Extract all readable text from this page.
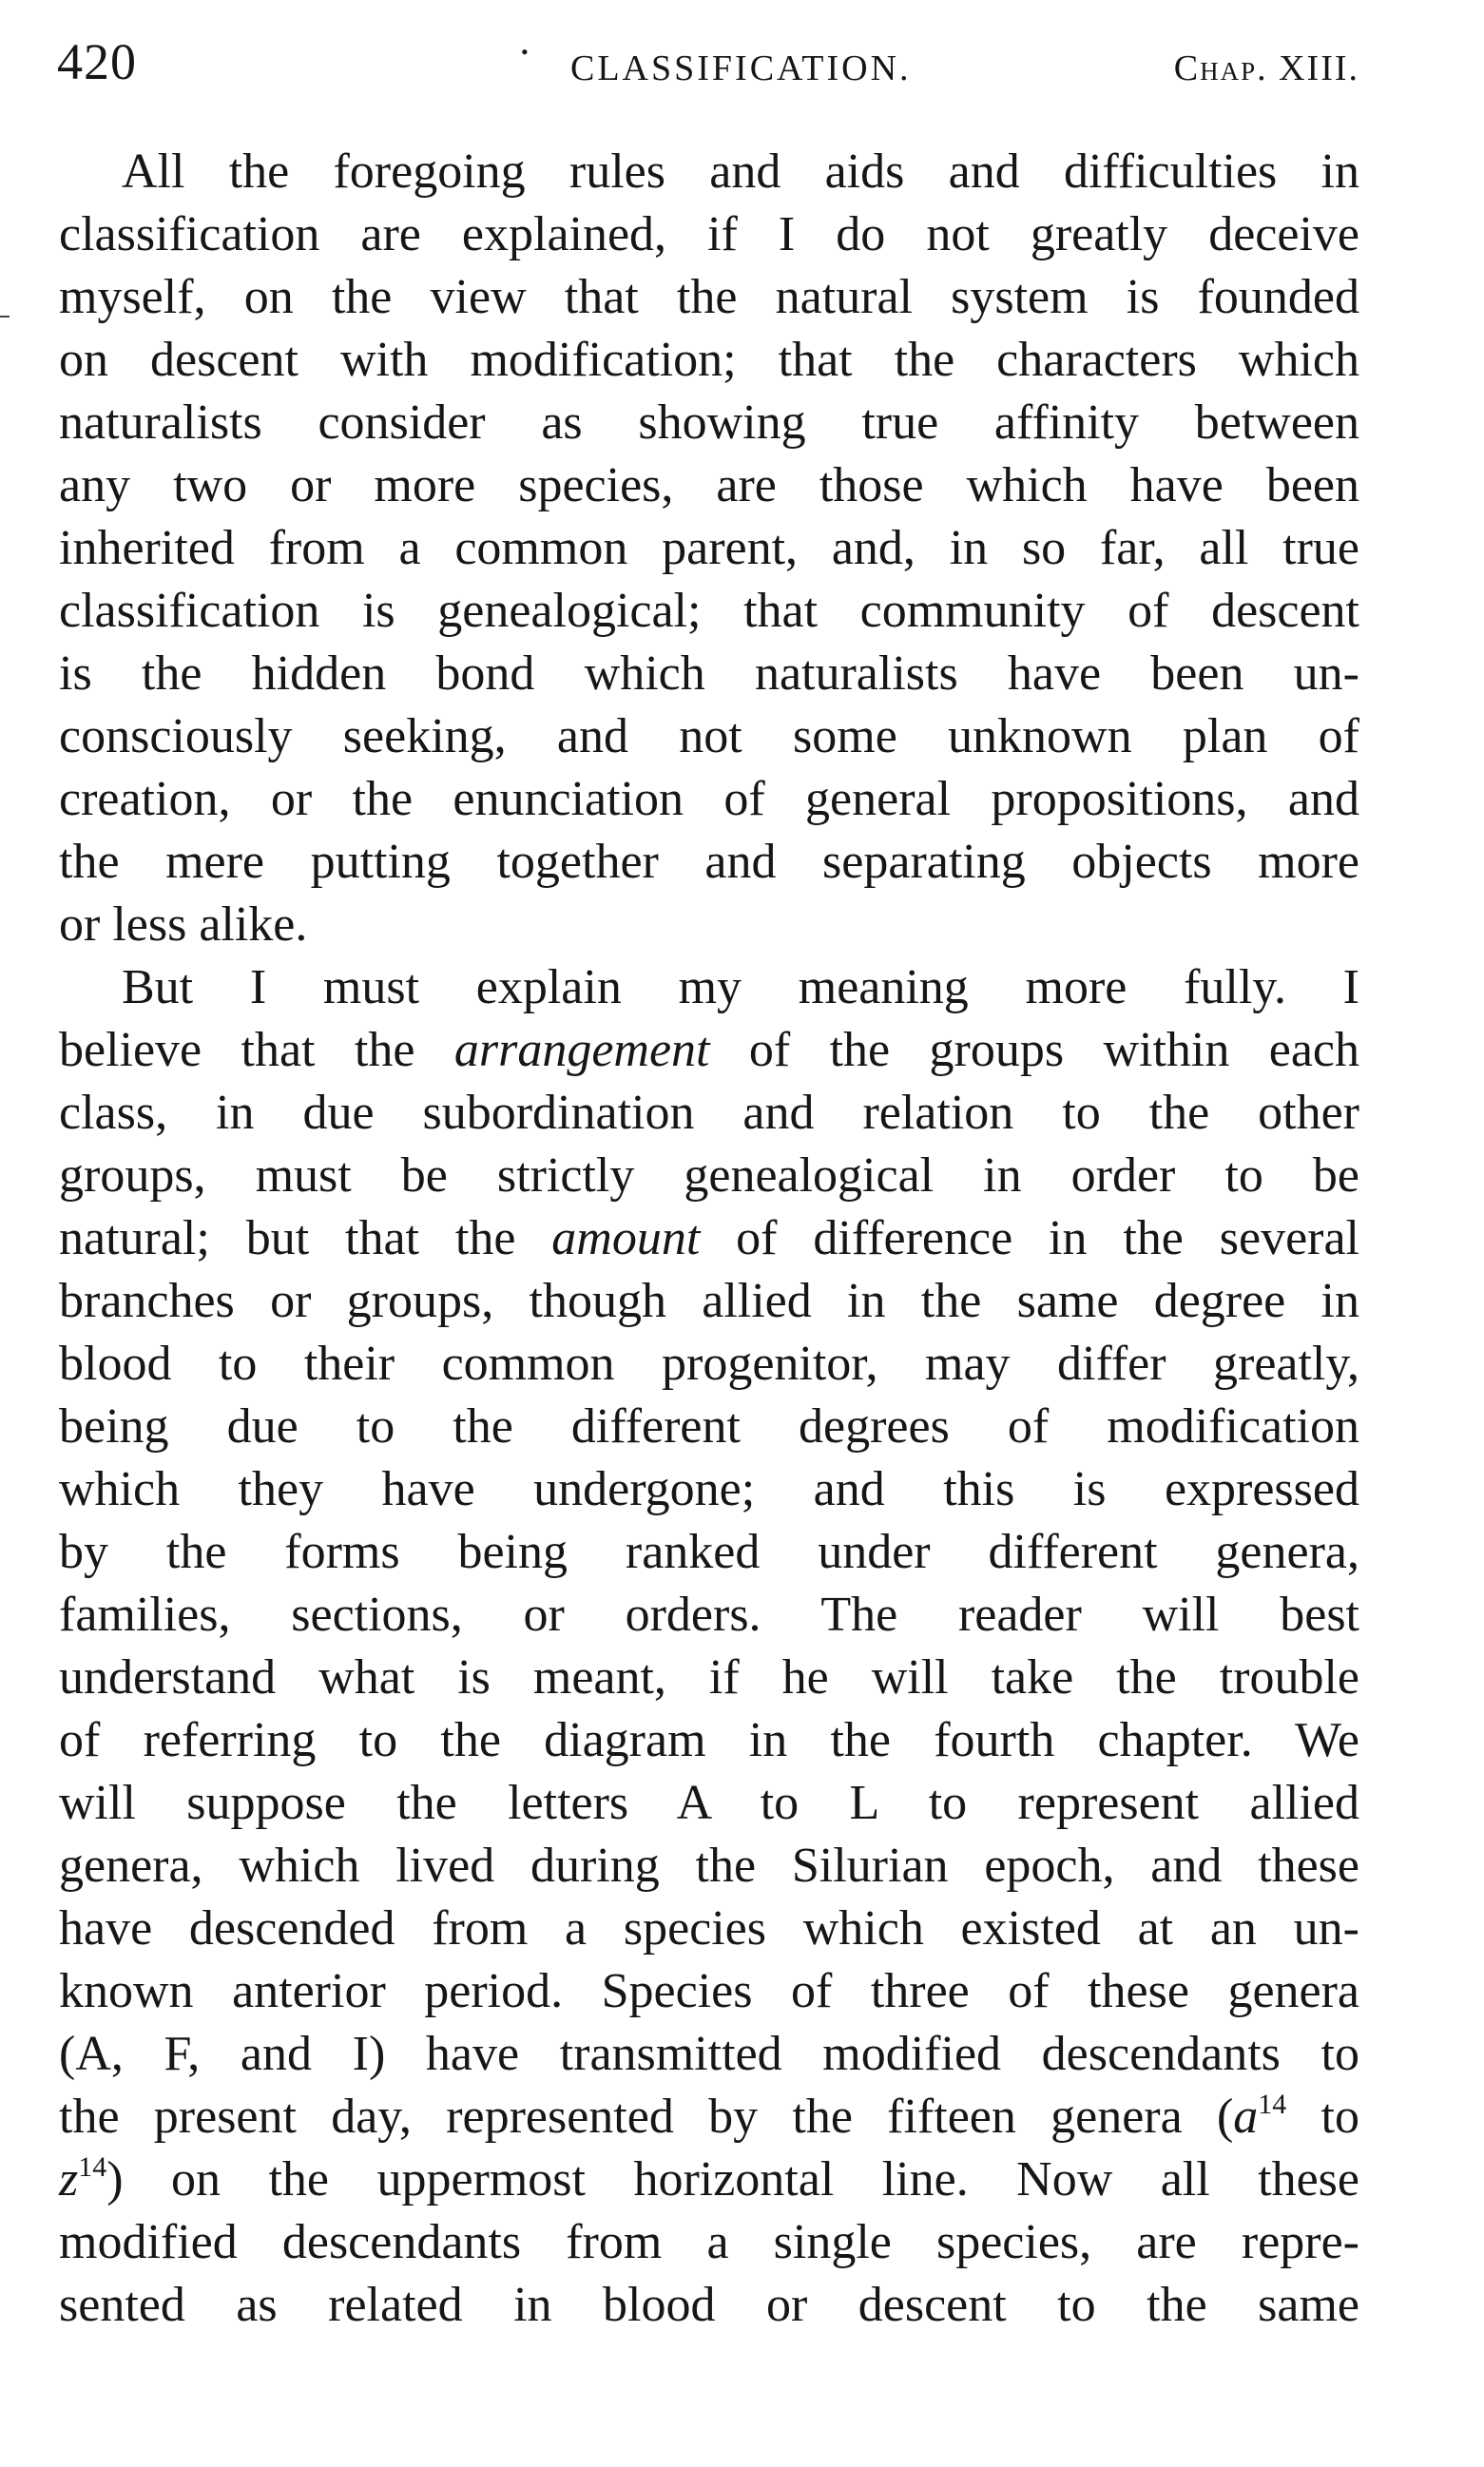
420	• CLASSIFICATION.	Chap. XIII.
All the foregoing rules and aids and difficulties in
classification are explained, if I do not greatly deceive
myself, on the view that the natural system is founded
on descent with modification; that the characters which
naturalists consider as showing true affinity between
any two or more species, are those which have been
inherited from a common parent, and, in so far, all true
classification is genealogical; that community of descent
is the hidden bond which naturalists have been un-
consciously seeking, and not some unknown plan of
creation, or the enunciation of general propositions, and
the mere putting together and separating objects more
or less alike.
But I must explain my meaning more fully. I
believe that the arrangement of the groups within each
class, in due subordination and relation to the other
groups, must be strictly genealogical in order to be
natural; but that the amount of difference in the several
branches or groups, though allied in the same degree in
blood to their common progenitor, may differ greatly,
being due to the different degrees of modification
which they have undergone; and this is expressed
by the forms being ranked under different genera,
families, sections, or orders. The reader will best
understand what is meant, if he will take the trouble
of referring to the diagram in the fourth chapter. We
will suppose the letters A to L to represent allied
genera, which lived during the Silurian epoch, and these
have descended from a species which existed at an un-
known anterior period. Species of three of these genera
(A, F, and I) have transmitted modified descendants to
the present day, represented by the fifteen genera ($a^{14}$ to
$z^{14}$) on the uppermost horizontal line. Now all these
modified descendants from a single species, are repre-
sented as related in blood or descent to the same
